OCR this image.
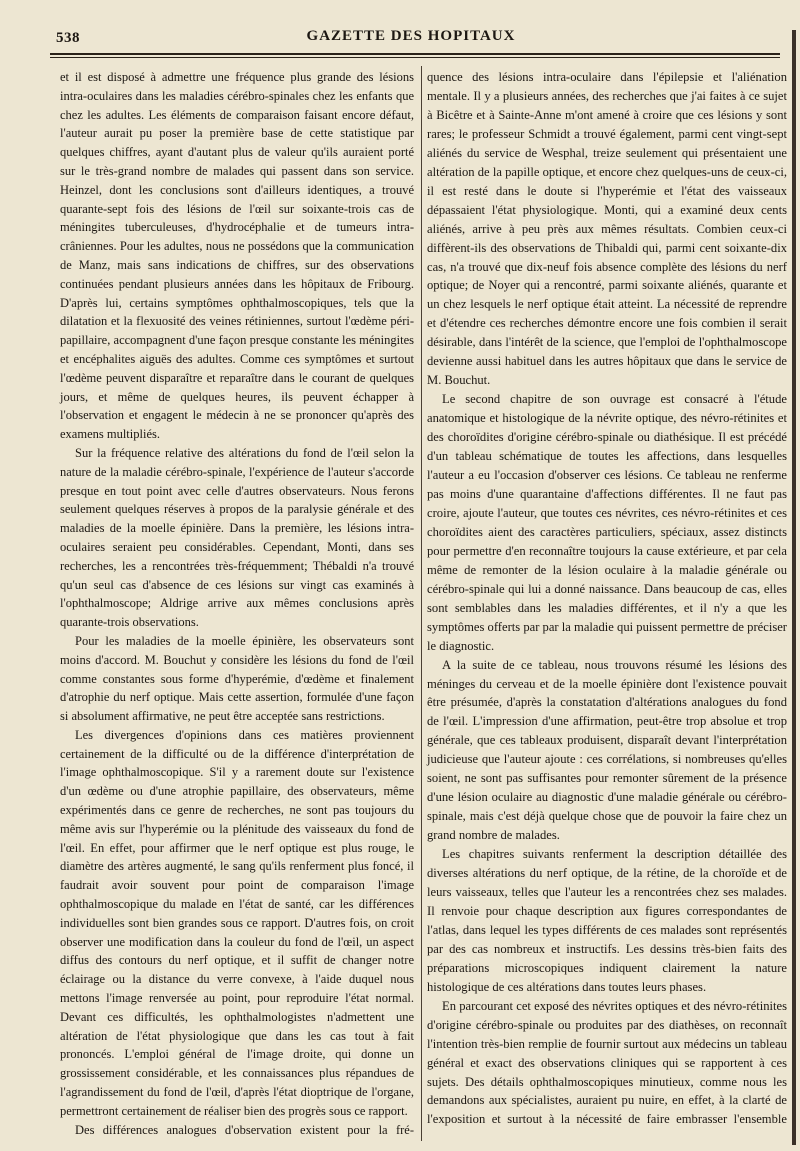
538	GAZETTE DES HOPITAUX

et il est disposé à admettre une fréquence plus grande des lésions intra-oculaires dans les maladies cérébro-spinales chez les enfants que chez les adultes. Les éléments de comparaison faisant encore défaut, l'auteur aurait pu poser la première base de cette statistique par quelques chiffres, ayant d'autant plus de valeur qu'ils auraient porté sur le très-grand nombre de malades qui passent dans son service. Heinzel, dont les conclusions sont d'ailleurs identiques, a trouvé quarante-sept fois des lésions de l'œil sur soixante-trois cas de méningites tuberculeuses, d'hydrocéphalie et de tumeurs intra-crâniennes. Pour les adultes, nous ne possédons que la communication de Manz, mais sans indications de chiffres, sur des observations continuées pendant plusieurs années dans les hôpitaux de Fribourg. D'après lui, certains symptômes ophthalmoscopiques, tels que la dilatation et la flexuosité des veines rétiniennes, surtout l'œdème péri-papillaire, accompagnent d'une façon presque constante les méningites et encéphalites aiguës des adultes. Comme ces symptômes et surtout l'œdème peuvent disparaître et reparaître dans le courant de quelques jours, et même de quelques heures, ils peuvent échapper à l'observation et engagent le médecin à ne se prononcer qu'après des examens multipliés.

Sur la fréquence relative des altérations du fond de l'œil selon la nature de la maladie cérébro-spinale, l'expérience de l'auteur s'accorde presque en tout point avec celle d'autres observateurs. Nous ferons seulement quelques réserves à propos de la paralysie générale et des maladies de la moelle épinière. Dans la première, les lésions intra-oculaires seraient peu considérables. Cependant, Monti, dans ses recherches, les a rencontrées très-fréquemment; Thébaldi n'a trouvé qu'un seul cas d'absence de ces lésions sur vingt cas examinés à l'ophthalmoscope; Aldrige arrive aux mêmes conclusions après quarante-trois observations.

Pour les maladies de la moelle épinière, les observateurs sont moins d'accord. M. Bouchut y considère les lésions du fond de l'œil comme constantes sous forme d'hyperémie, d'œdème et finalement d'atrophie du nerf optique. Mais cette assertion, formulée d'une façon si absolument affirmative, ne peut être acceptée sans restrictions.

Les divergences d'opinions dans ces matières proviennent certainement de la difficulté ou de la différence d'interprétation de l'image ophthalmoscopique. S'il y a rarement doute sur l'existence d'un œdème ou d'une atrophie papillaire, des observateurs, même expérimentés dans ce genre de recherches, ne sont pas toujours du même avis sur l'hyperémie ou la plénitude des vaisseaux du fond de l'œil. En effet, pour affirmer que le nerf optique est plus rouge, le diamètre des artères augmenté, le sang qu'ils renferment plus foncé, il faudrait avoir souvent pour point de comparaison l'image ophthalmoscopique du malade en l'état de santé, car les différences individuelles sont bien grandes sous ce rapport. D'autres fois, on croit observer une modification dans la couleur du fond de l'œil, un aspect diffus des contours du nerf optique, et il suffit de changer notre éclairage ou la distance du verre convexe, à l'aide duquel nous mettons l'image renversée au point, pour reproduire l'état normal. Devant ces difficultés, les ophthalmologistes n'admettent une altération de l'état physiologique que dans les cas tout à fait prononcés. L'emploi général de l'image droite, qui donne un grossissement considérable, et les connaissances plus répandues de l'agrandissement du fond de l'œil, d'après l'état dioptrique de l'organe, permettront certainement de réaliser bien des progrès sous ce rapport.

Des différences analogues d'observation existent pour la fré-

quence des lésions intra-oculaire dans l'épilepsie et l'aliénation mentale. Il y a plusieurs années, des recherches que j'ai faites à ce sujet à Bicêtre et à Sainte-Anne m'ont amené à croire que ces lésions y sont rares; le professeur Schmidt a trouvé également, parmi cent vingt-sept aliénés du service de Wesphal, treize seulement qui présentaient une altération de la papille optique, et encore chez quelques-uns de ceux-ci, il est resté dans le doute si l'hyperémie et l'état des vaisseaux dépassaient l'état physiologique. Monti, qui a examiné deux cents aliénés, arrive à peu près aux mêmes résultats. Combien ceux-ci diffèrent-ils des observations de Thibaldi qui, parmi cent soixante-dix cas, n'a trouvé que dix-neuf fois absence complète des lésions du nerf optique; de Noyer qui a rencontré, parmi soixante aliénés, quarante et un chez lesquels le nerf optique était atteint. La nécessité de reprendre et d'étendre ces recherches démontre encore une fois combien il serait désirable, dans l'intérêt de la science, que l'emploi de l'ophthalmoscope devienne aussi habituel dans les autres hôpitaux que dans le service de M. Bouchut.

Le second chapitre de son ouvrage est consacré à l'étude anatomique et histologique de la névrite optique, des névro-rétinites et des choroïdites d'origine cérébro-spinale ou diathésique. Il est précédé d'un tableau schématique de toutes les affections, dans lesquelles l'auteur a eu l'occasion d'observer ces lésions. Ce tableau ne renferme pas moins d'une quarantaine d'affections différentes. Il ne faut pas croire, ajoute l'auteur, que toutes ces névrites, ces névro-rétinites et ces choroïdites aient des caractères particuliers, spéciaux, assez distincts pour permettre d'en reconnaître toujours la cause extérieure, et par cela même de remonter de la lésion oculaire à la maladie générale ou cérébro-spinale qui lui a donné naissance. Dans beaucoup de cas, elles sont semblables dans les maladies différentes, et il n'y a que les symptômes offerts par par la maladie qui puissent permettre de préciser le diagnostic.

A la suite de ce tableau, nous trouvons résumé les lésions des méninges du cerveau et de la moelle épinière dont l'existence pouvait être présumée, d'après la constatation d'altérations analogues du fond de l'œil. L'impression d'une affirmation, peut-être trop absolue et trop générale, que ces tableaux produisent, disparaît devant l'interprétation judicieuse que l'auteur ajoute : ces corrélations, si nombreuses qu'elles soient, ne sont pas suffisantes pour remonter sûrement de la présence d'une lésion oculaire au diagnostic d'une maladie générale ou cérébro-spinale, mais c'est déjà quelque chose que de pouvoir la faire chez un grand nombre de malades.

Les chapitres suivants renferment la description détaillée des diverses altérations du nerf optique, de la rétine, de la choroïde et de leurs vaisseaux, telles que l'auteur les a rencontrées chez ses malades. Il renvoie pour chaque description aux figures correspondantes de l'atlas, dans lequel les types différents de ces malades sont représentés par des cas nombreux et instructifs. Les dessins très-bien faits des préparations microscopiques indiquent clairement la nature histologique de ces altérations dans toutes leurs phases.

En parcourant cet exposé des névrites optiques et des névro-rétinites d'origine cérébro-spinale ou produites par des diathèses, on reconnaît l'intention très-bien remplie de fournir surtout aux médecins un tableau général et exact des observations cliniques qui se rapportent à ces sujets. Des détails ophthalmoscopiques minutieux, comme nous les demandons aux spécialistes, auraient pu nuire, en effet, à la clarté de l'exposition et surtout à la nécessité de faire embrasser l'ensemble
